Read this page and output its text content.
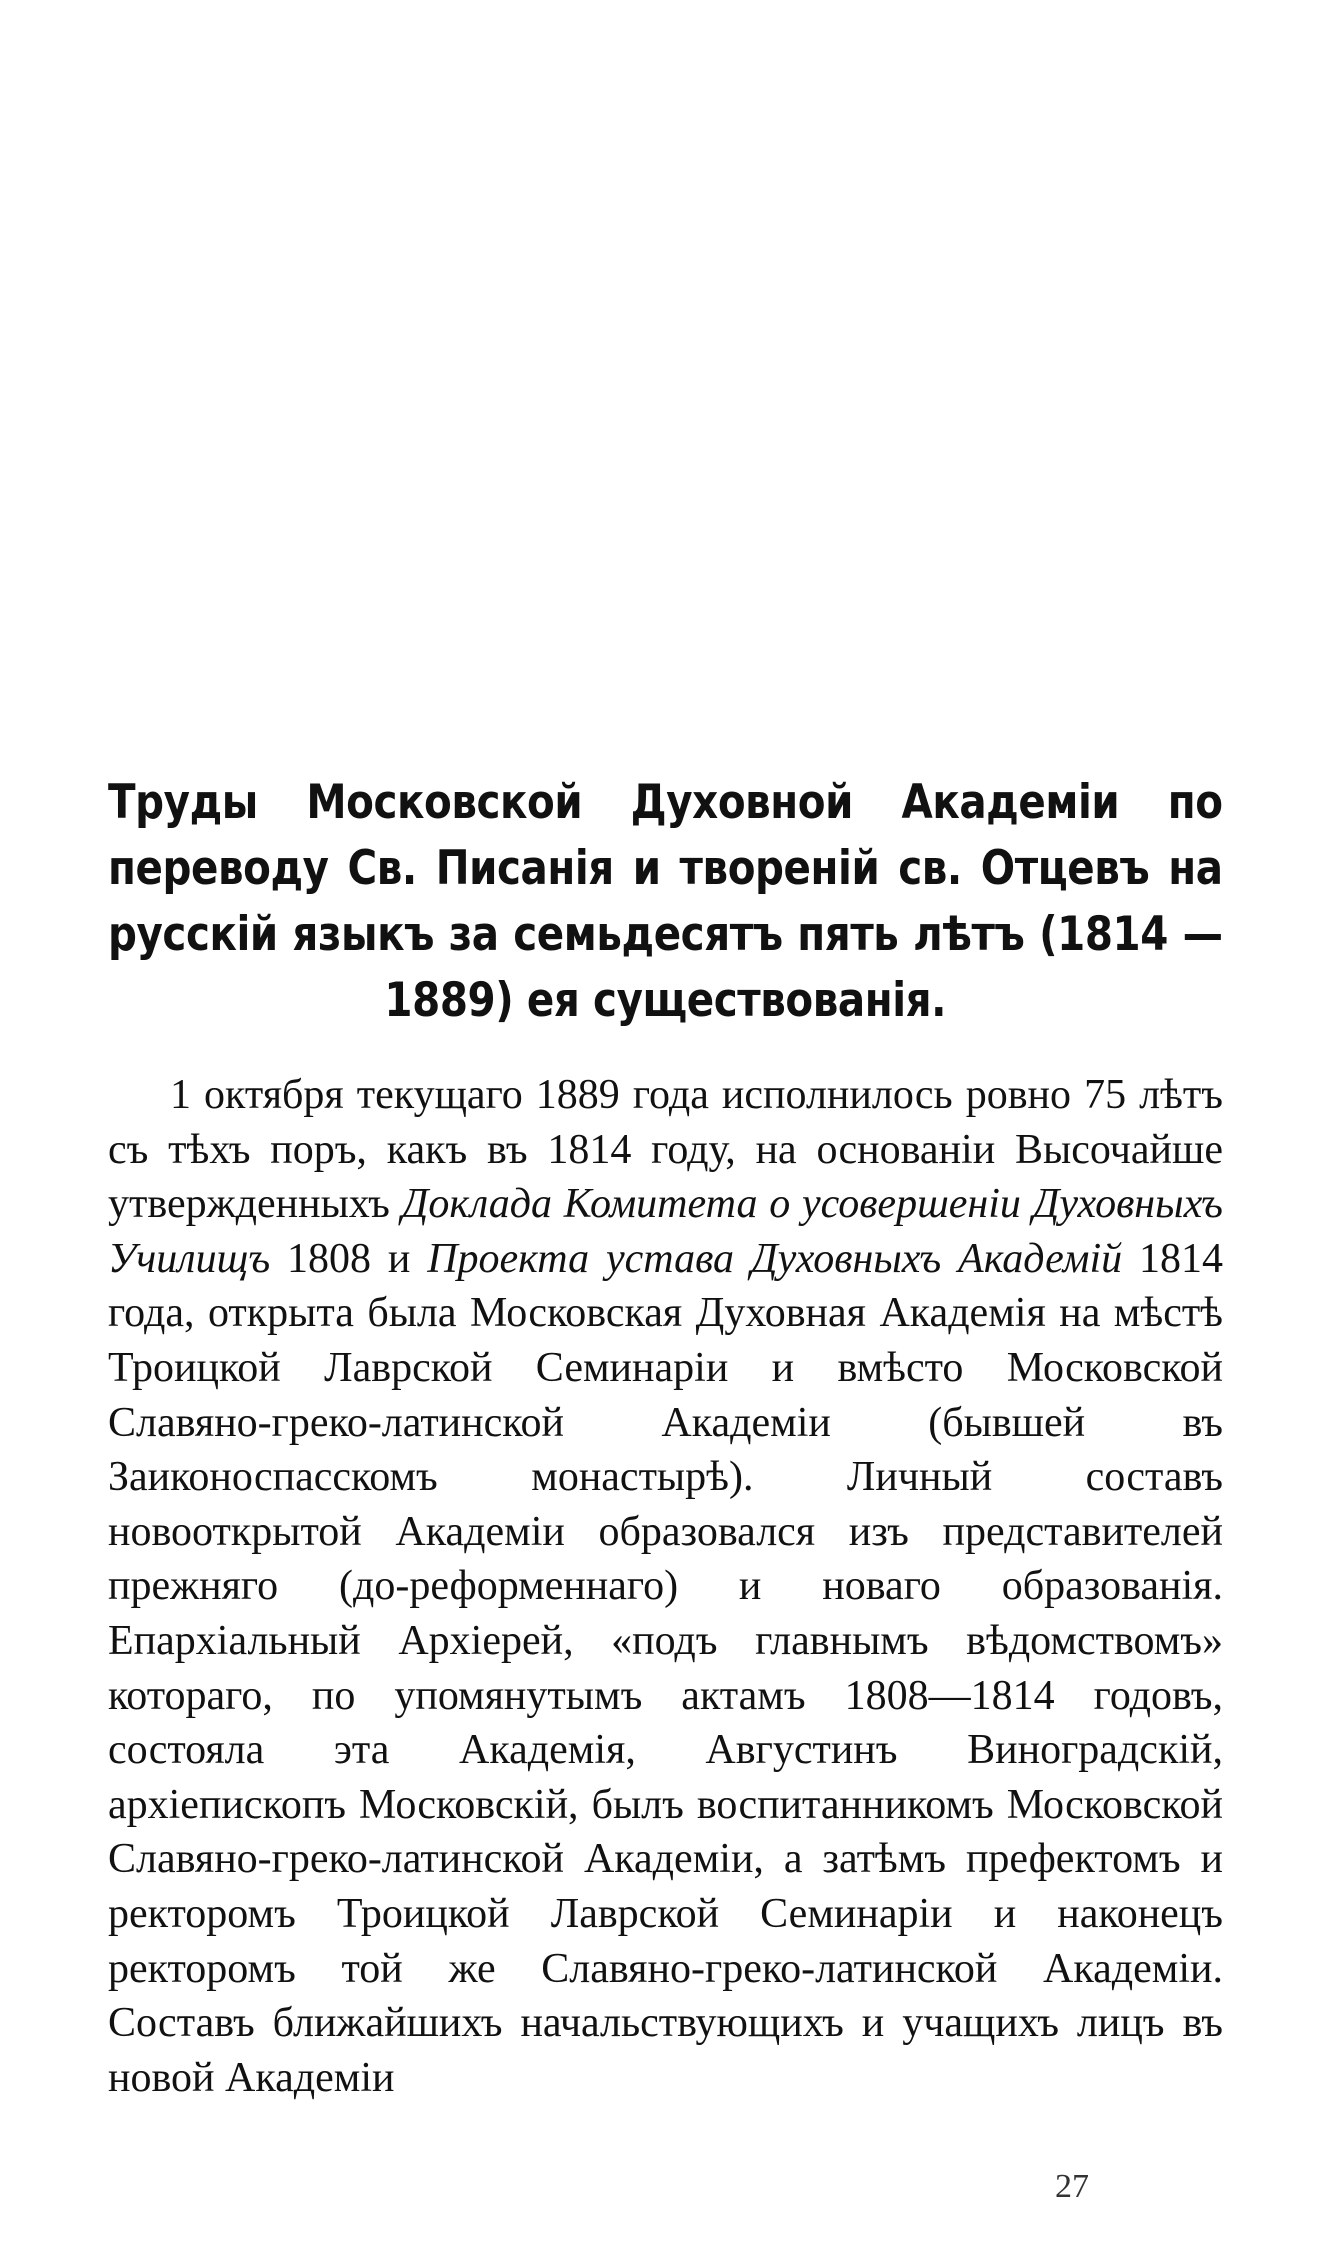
Труды Московской Духовной Академіи по переводу Св. Писанія и твореній св. Отцевъ на русскій языкъ за семьдесятъ пять лѣтъ (1814 — 1889) ея существованія.

1 октября текущаго 1889 года исполнилось ровно 75 лѣтъ съ тѣхъ поръ, какъ въ 1814 году, на основаніи Высочайше утвержденныхъ Доклада Комитета о усовершеніи Духовныхъ Училищъ 1808 и Проекта устава Духовныхъ Академій 1814 года, открыта была Московская Духовная Академія на мѣстѣ Троицкой Лаврской Семинаріи и вмѣсто Московской Славяно-греко-латинской Академіи (бывшей въ Заиконоспасскомъ монастырѣ). Личный составъ новооткрытой Академіи образовался изъ представителей прежняго (до-реформеннаго) и новаго образованія. Епархіальный Архіерей, «подъ главнымъ вѣдомствомъ» котораго, по упомянутымъ актамъ 1808—1814 годовъ, состояла эта Академія, Августинъ Виноградскій, архіепископъ Московскій, былъ воспитанникомъ Московской Славяно-греко-латинской Академіи, а затѣмъ префектомъ и ректоромъ Троицкой Лаврской Семинаріи и наконецъ ректоромъ той же Славяно-греко-латинской Академіи. Составъ ближайшихъ начальствующихъ и учащихъ лицъ въ новой Академіи

27
